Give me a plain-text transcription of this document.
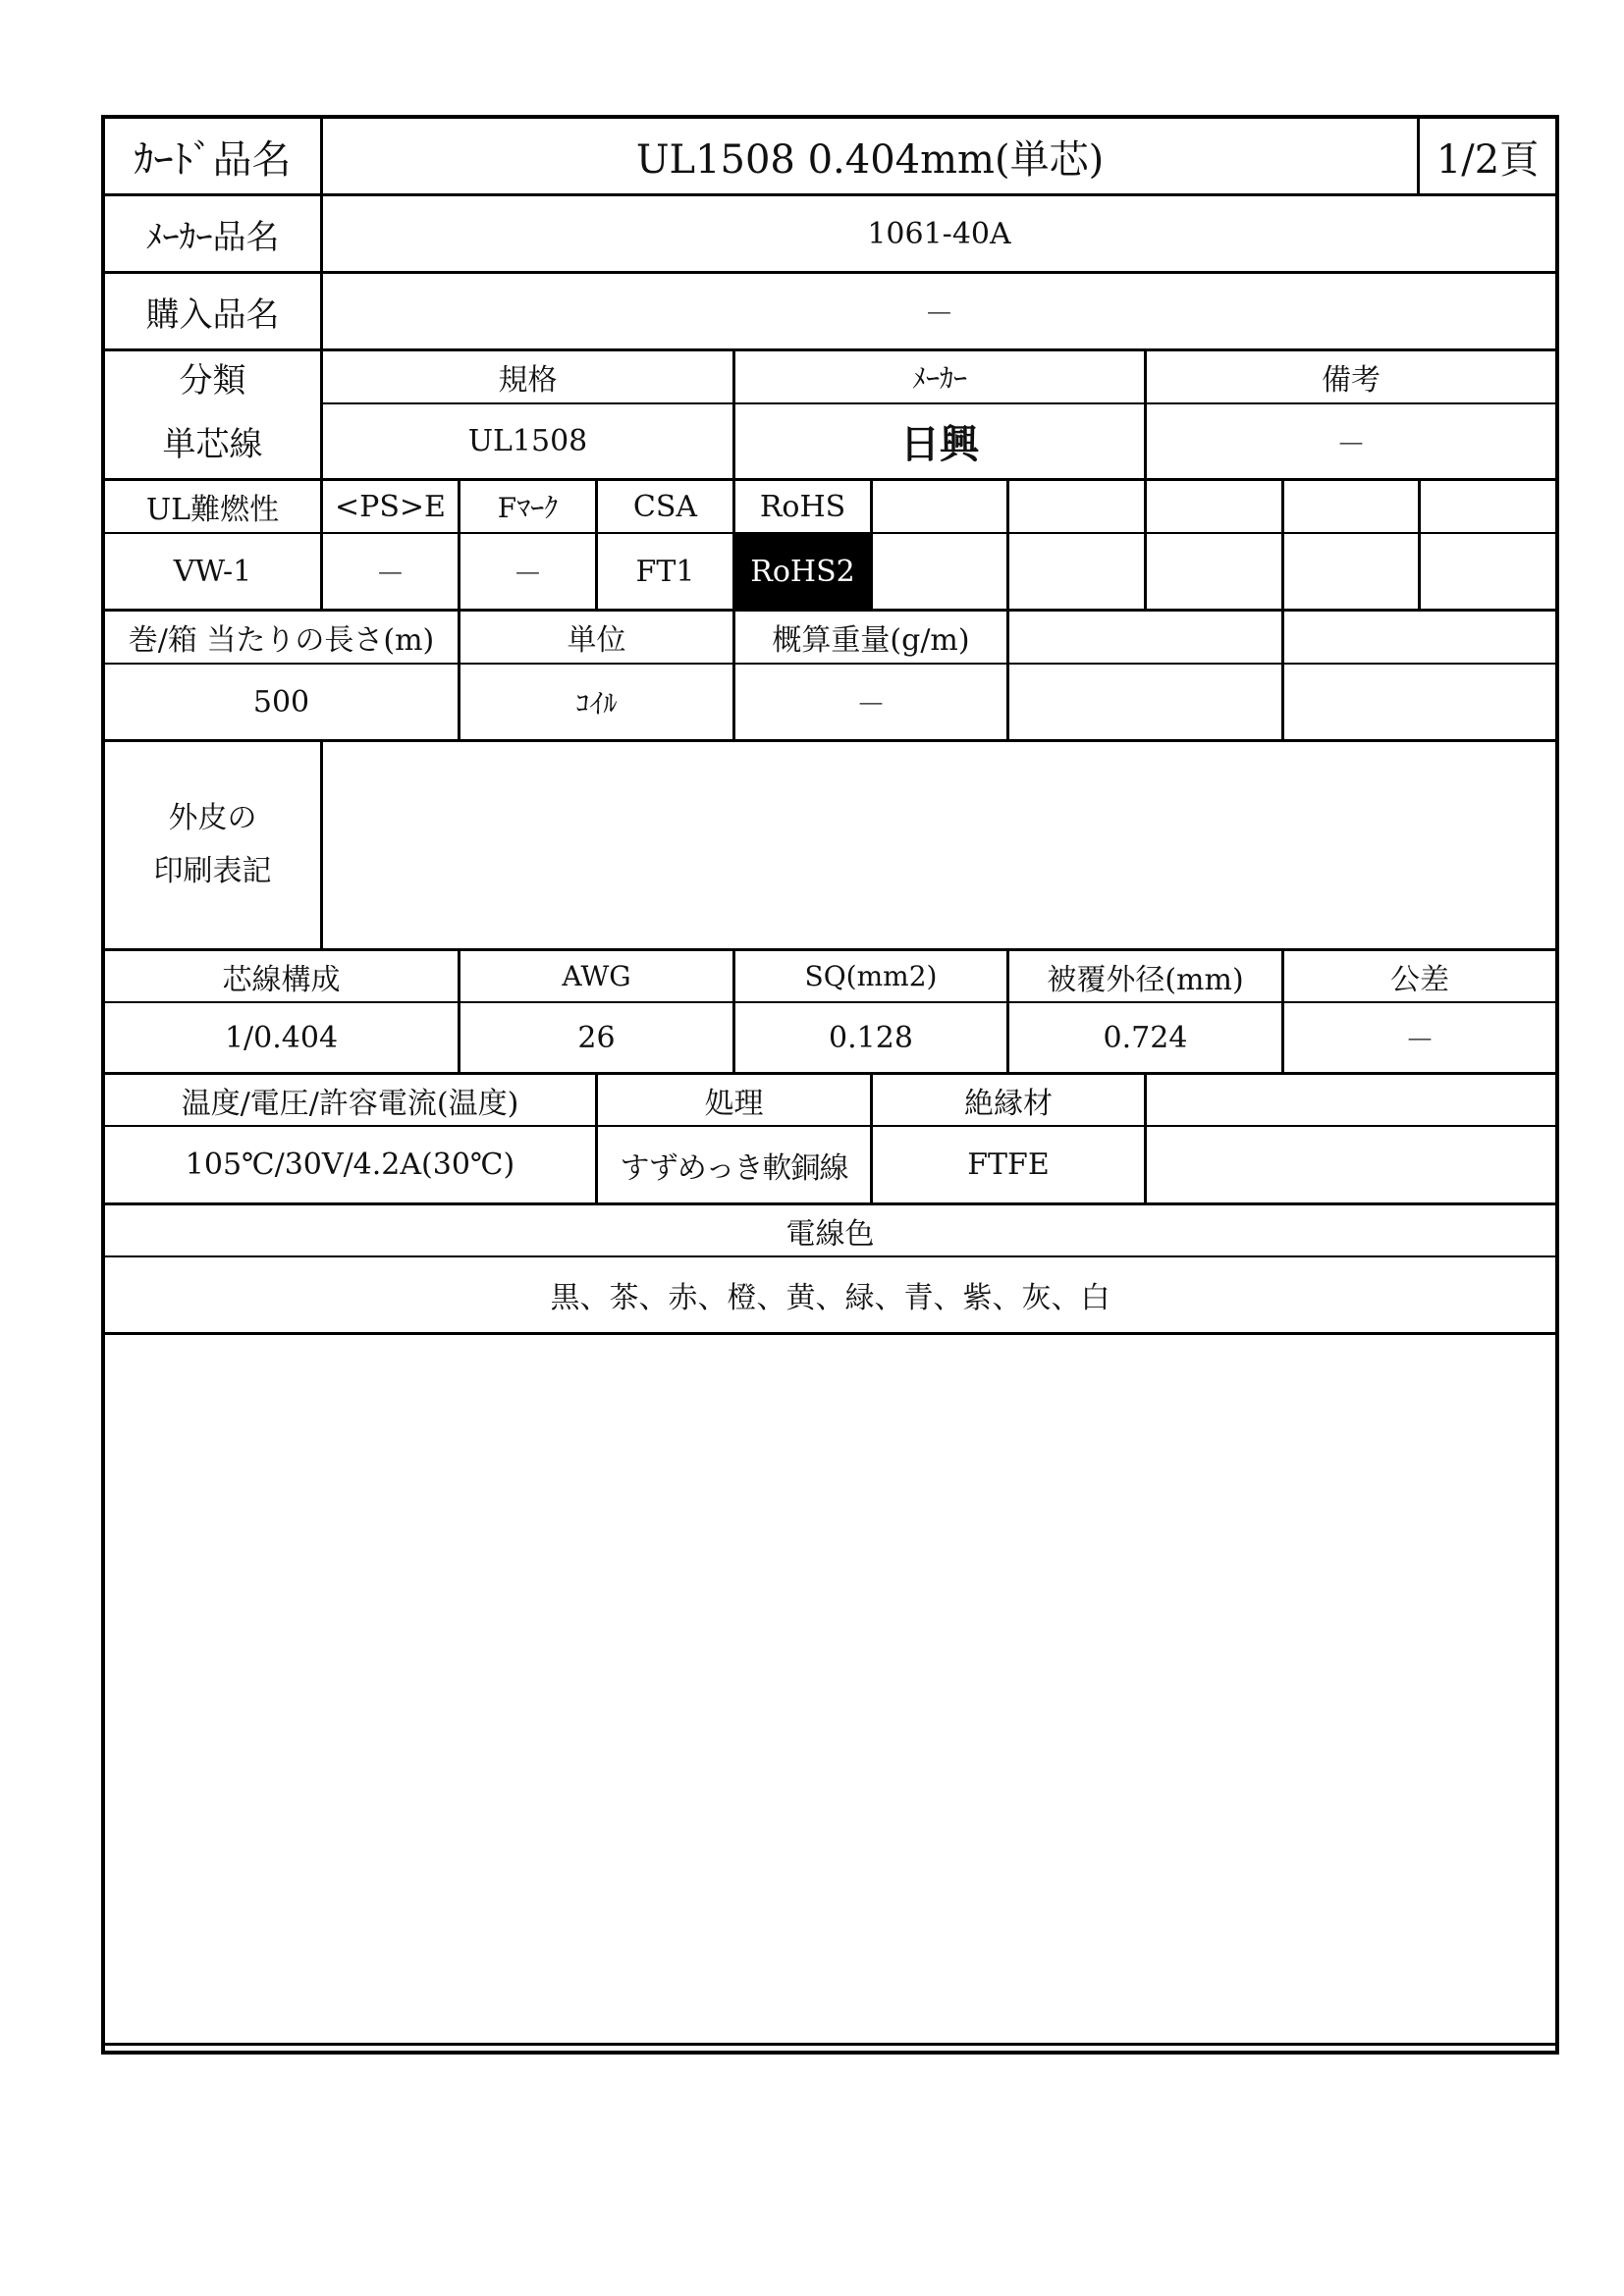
ｶｰﾄﾞ品名	UL1508 0.404mm(単芯)	1/2頁
ﾒｰｶｰ品名	1061-40A
購入品名	－
分類	規格	ﾒｰｶｰ	備考
単芯線	UL1508	日興	－
UL難燃性	<PS>E	Fﾏｰｸ	CSA	RoHS
VW-1	－	－	FT1	RoHS2
巻/箱 当たりの長さ(m)	単位	概算重量(g/m)
500	ｺｲﾙ	－
外皮の
印刷表記
芯線構成	AWG	SQ(mm2)	被覆外径(mm)	公差
1/0.404	26	0.128	0.724	－
温度/電圧/許容電流(温度)	処理	絶縁材
105℃/30V/4.2A(30℃)	すずめっき軟銅線	FTFE
電線色
黒、茶、赤、橙、黄、緑、青、紫、灰、白
